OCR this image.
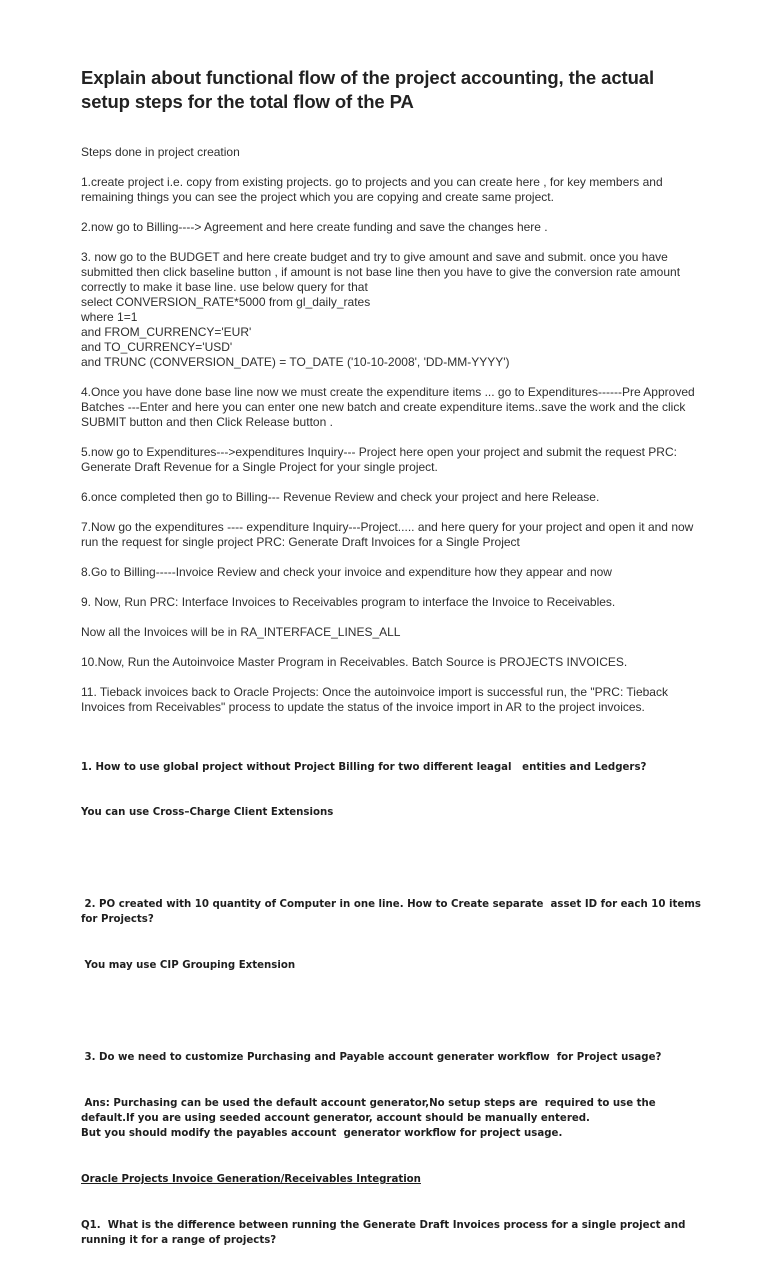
Explain about functional flow of the project accounting, the actual setup steps for the total flow of the PA
Steps done in project creation
1.create project i.e. copy from existing projects. go to projects and you can create here , for key members and remaining things you can see the project which you are copying and create same project.
2.now go to Billing----> Agreement and here create funding and save the changes here .
3. now go to the BUDGET and here create budget and try to give amount and save and submit. once you have submitted then click baseline button , if amount is not base line then you have to give the conversion rate amount correctly to make it base line. use below query for that
select CONVERSION_RATE*5000 from gl_daily_rates
where 1=1
and FROM_CURRENCY='EUR'
and TO_CURRENCY='USD'
and TRUNC (CONVERSION_DATE) = TO_DATE ('10-10-2008', 'DD-MM-YYYY')
4.Once you have done base line now we must create the expenditure items ... go to Expenditures------Pre Approved Batches ---Enter and here you can enter one new batch and create expenditure items..save the work and the click SUBMIT button and then Click Release button .
5.now go to Expenditures--->expenditures Inquiry--- Project here open your project and submit the request PRC: Generate Draft Revenue for a Single Project for your single project.
6.once completed then go to Billing--- Revenue Review and check your project and here Release.
7.Now go the expenditures ---- expenditure Inquiry---Project..... and here query for your project and open it and now run the request for single project PRC: Generate Draft Invoices for a Single Project
8.Go to Billing-----Invoice Review and check your invoice and expenditure how they appear and now
9. Now, Run PRC: Interface Invoices to Receivables program to interface the Invoice to Receivables.
Now all the Invoices will be in RA_INTERFACE_LINES_ALL
10.Now, Run the Autoinvoice Master Program in Receivables. Batch Source is PROJECTS INVOICES.
11. Tieback invoices back to Oracle Projects: Once the autoinvoice import is successful run, the "PRC: Tieback Invoices from Receivables" process to update the status of the invoice import in AR to the project invoices.

1. How to use global project without Project Billing for two different leagal   entities and Ledgers?

You can use Cross–Charge Client Extensions

2. PO created with 10 quantity of Computer in one line. How to Create separate  asset ID for each 10 items for Projects?

You may use CIP Grouping Extension

3. Do we need to customize Purchasing and Payable account generater workflow  for Project usage?

Ans: Purchasing can be used the default account generator,No setup steps are  required to use the default.If you are using seeded account generator, account should be manually entered.
But you should modify the payables account  generator workflow for project usage.

Oracle Projects Invoice Generation/Receivables Integration

Q1.  What is the difference between running the Generate Draft Invoices process for a single project and running it for a range of projects?
